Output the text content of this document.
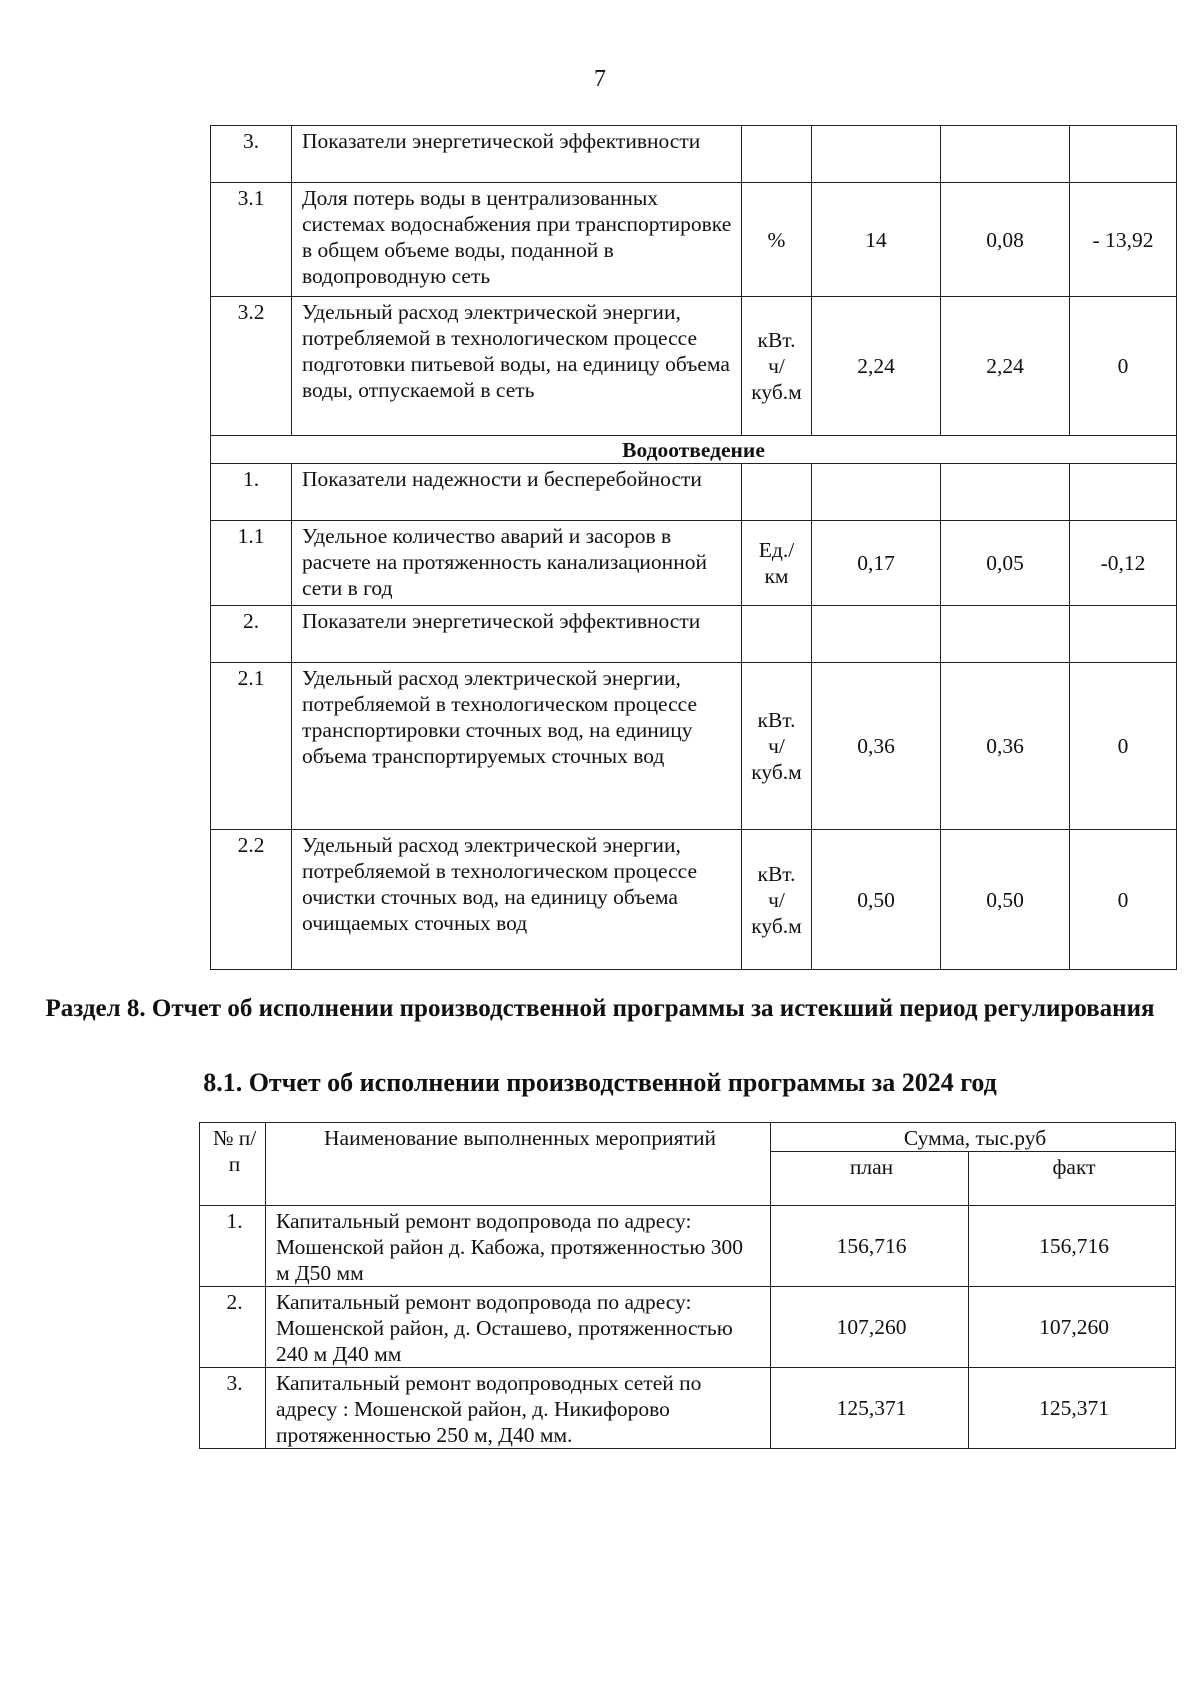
7
3.	Показатели энергетической эффективности				
3.1	Доля потерь воды в централизованных системах водоснабжения при транспортировке в общем объеме воды, поданной в водопроводную сеть	%	14	0,08	- 13,92
3.2	Удельный расход электрической энергии, потребляемой в технологическом процессе подготовки питьевой воды, на единицу объема воды, отпускаемой в сеть	кВт. ч/куб.м	2,24	2,24	0
Водоотведение					
1.	Показатели надежности и бесперебойности				
1.1	Удельное количество аварий и засоров в расчете на протяженность канализационной сети в год	Ед./ км	0,17	0,05	-0,12
2.	Показатели энергетической эффективности				
2.1	Удельный расход электрической энергии, потребляемой в технологическом процессе транспортировки сточных вод, на единицу объема транспортируемых сточных вод	кВт. ч/куб.м	0,36	0,36	0
2.2	Удельный расход электрической энергии, потребляемой в технологическом процессе очистки сточных вод, на единицу объема очищаемых сточных вод	кВт. ч/куб.м	0,50	0,50	0
Раздел 8. Отчет об исполнении производственной программы за истекший период регулирования
8.1. Отчет об исполнении производственной программы за 2024 год
№ п/п	Наименование выполненных мероприятий	Сумма, тыс.руб	
		план	факт
1.	Капитальный ремонт водопровода по адресу: Мошенской район д. Кабожа, протяженностью 300 м Д50 мм	156,716	156,716
2.	Капитальный ремонт водопровода по адресу: Мошенской район, д. Осташево, протяженностью 240 м Д40 мм	107,260	107,260
3.	Капитальный ремонт водопроводных сетей по адресу : Мошенской район, д. Никифорово протяженностью 250 м, Д40 мм.	125,371	125,371
